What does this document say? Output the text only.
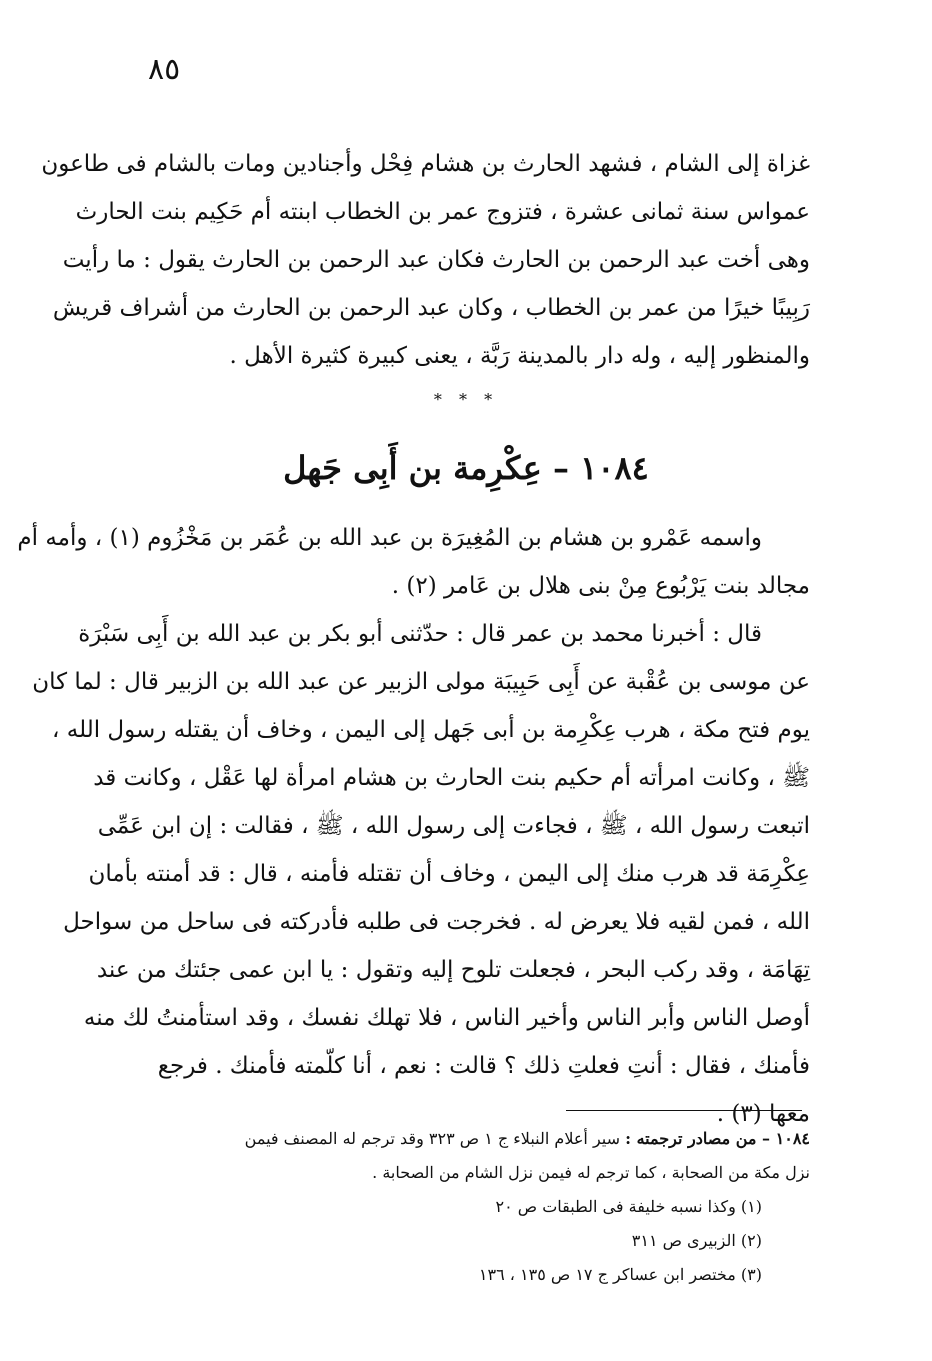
٨٥
غزاة إلى الشام ، فشهد الحارث بن هشام فِحْل وأجنادين ومات بالشام فى طاعون
عمواس سنة ثمانى عشرة ، فتزوج عمر بن الخطاب ابنته أم حَكِيم بنت الحارث
وهى أخت عبد الرحمن بن الحارث فكان عبد الرحمن بن الحارث يقول : ما رأيت
رَبِيبًا خيرًا من عمر بن الخطاب ، وكان عبد الرحمن بن الحارث من أشراف قريش
والمنظور إليه ، وله دار بالمدينة رَبَّة ، يعنى كبيرة كثيرة الأهل .
* * *
١٠٨٤ – عِكْرِمة بن أَبِى جَهل
واسمه عَمْرو بن هشام بن المُغِيرَة بن عبد الله بن عُمَر بن مَخْزُوم (١) ، وأمه أم
مجالد بنت يَرْبُوع مِنْ بنى هلال بن عَامر (٢) .
قال : أخبرنا محمد بن عمر قال : حدّثنى أبو بكر بن عبد الله بن أَبِى سَبْرَة
عن موسى بن عُقْبة عن أَبِى حَبِيبَة مولى الزبير عن عبد الله بن الزبير قال : لما كان
يوم فتح مكة ، هرب عِكْرِمة بن أبى جَهل إلى اليمن ، وخاف أن يقتله رسول الله ،
ﷺ ، وكانت امرأته أم حكيم بنت الحارث بن هشام امرأة لها عَقْل ، وكانت قد
اتبعت رسول الله ، ﷺ ، فجاءت إلى رسول الله ، ﷺ ، فقالت : إن ابن عَمِّى
عِكْرِمَة قد هرب منك إلى اليمن ، وخاف أن تقتله فأمنه ، قال : قد أمنته بأمان
الله ، فمن لقيه فلا يعرض له . فخرجت فى طلبه فأدركته فى ساحل من سواحل
تِهَامَة ، وقد ركب البحر ، فجعلت تلوح إليه وتقول : يا ابن عمى جئتك من عند
أوصل الناس وأبر الناس وأخير الناس ، فلا تهلك نفسك ، وقد استأمنتُ لك منه
فأمنك ، فقال : أنتِ فعلتِ ذلك ؟ قالت : نعم ، أنا كلّمته فأمنك . فرجع
معها (٣) .
١٠٨٤ – من مصادر ترجمته : سير أعلام النبلاء ج ١ ص ٣٢٣ وقد ترجم له المصنف فيمن
نزل مكة من الصحابة ، كما ترجم له فيمن نزل الشام من الصحابة .
(١) وكذا نسبه خليفة فى الطبقات ص ٢٠
(٢) الزبيرى ص ٣١١
(٣) مختصر ابن عساكر ج ١٧ ص ١٣٥ ، ١٣٦
